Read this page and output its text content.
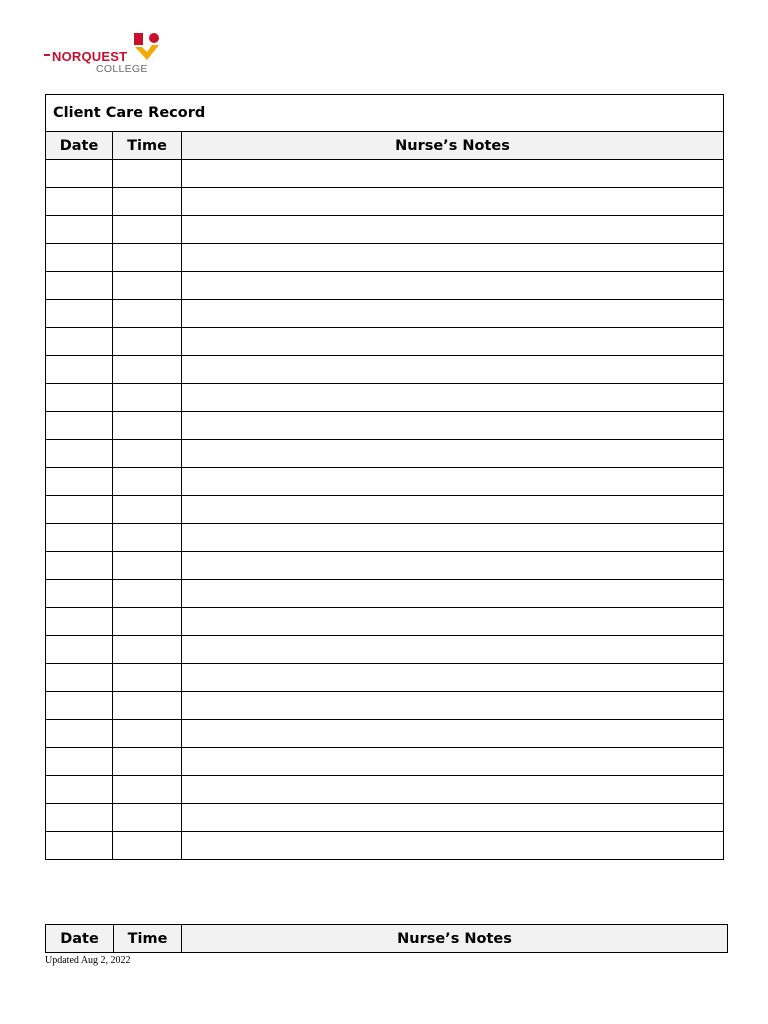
NORQUEST
COLLEGE
Client Care Record		
Date	Time	Nurse’s Notes

Date	Time	Nurse’s Notes
Updated Aug 2, 2022
